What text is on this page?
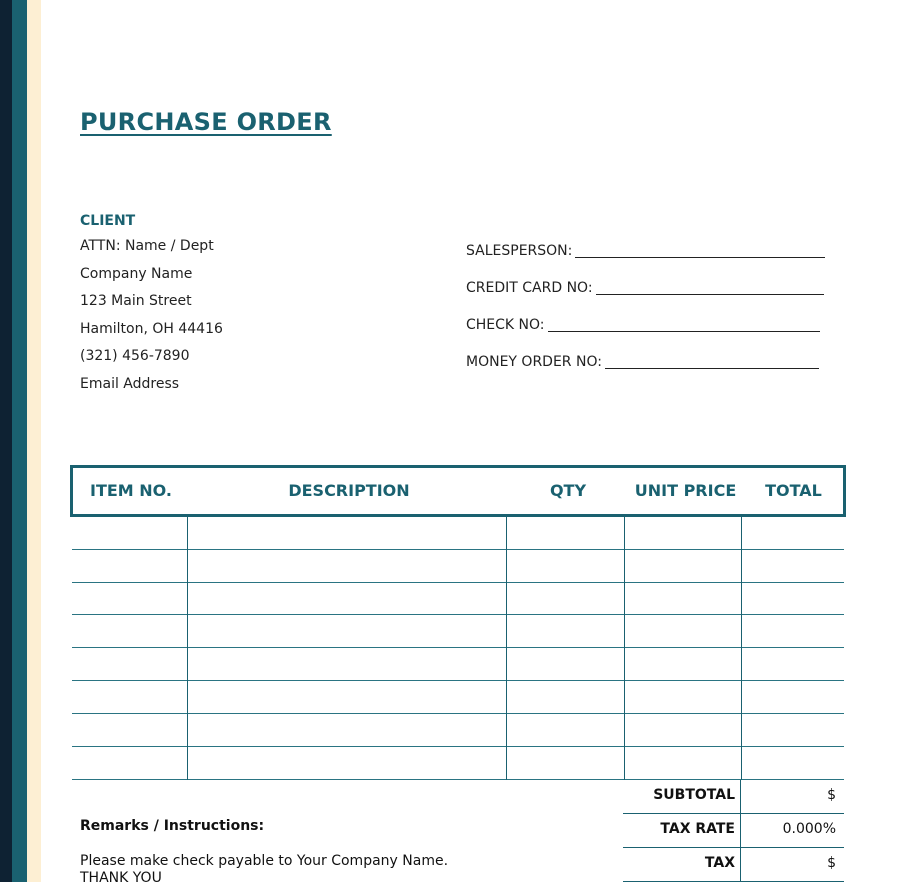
PURCHASE ORDER
CLIENT
ATTN: Name / Dept
Company Name
123 Main Street
Hamilton, OH 44416
(321) 456-7890
Email Address
SALESPERSON:
CREDIT CARD NO:
CHECK NO:
MONEY ORDER NO:
ITEM NO.	DESCRIPTION	QTY	UNIT PRICE	TOTAL
SUBTOTAL	$
TAX RATE	0.000%
TAX	$
Remarks / Instructions:
Please make check payable to Your Company Name.
THANK YOU
